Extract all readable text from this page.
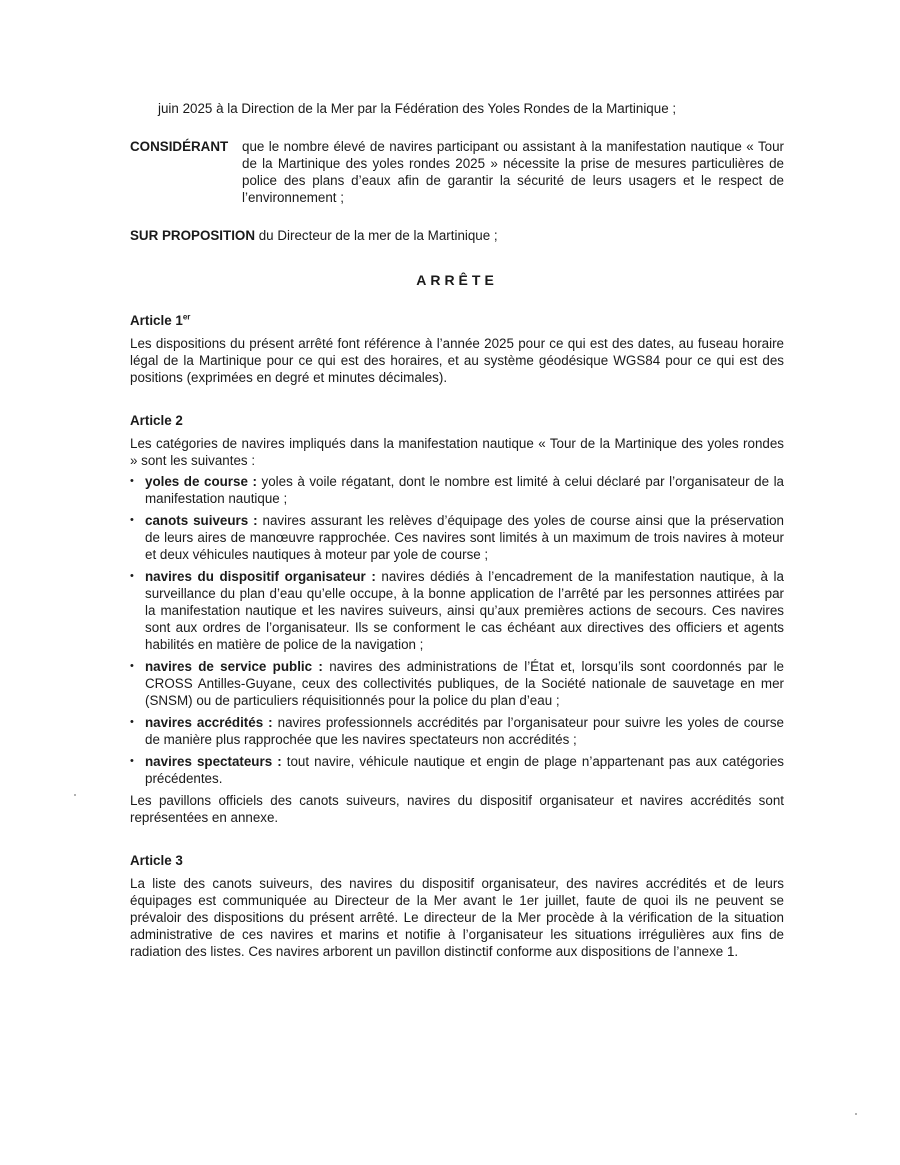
juin 2025 à la Direction de la Mer par la Fédération des Yoles Rondes de la Martinique ;

CONSIDÉRANT	que le nombre élevé de navires participant ou assistant à la manifestation nautique « Tour de la Martinique des yoles rondes 2025 » nécessite la prise de mesures particulières de police des plans d’eaux afin de garantir la sécurité de leurs usagers et le respect de l’environnement ;

SUR PROPOSITION du Directeur de la mer de la Martinique ;

ARRÊTE
Article 1er

Les dispositions du présent arrêté font référence à l’année 2025 pour ce qui est des dates, au fuseau horaire légal de la Martinique pour ce qui est des horaires, et au système géodésique WGS84 pour ce qui est des positions (exprimées en degré et minutes décimales).

Article 2

Les catégories de navires impliqués dans la manifestation nautique « Tour de la Martinique des yoles rondes » sont les suivantes :

• yoles de course : yoles à voile régatant, dont le nombre est limité à celui déclaré par l’organisateur de la manifestation nautique ;
• canots suiveurs : navires assurant les relèves d’équipage des yoles de course ainsi que la préservation de leurs aires de manœuvre rapprochée. Ces navires sont limités à un maximum de trois navires à moteur et deux véhicules nautiques à moteur par yole de course ;
• navires du dispositif organisateur : navires dédiés à l’encadrement de la manifestation nautique, à la surveillance du plan d’eau qu’elle occupe, à la bonne application de l’arrêté par les personnes attirées par la manifestation nautique et les navires suiveurs, ainsi qu’aux premières actions de secours. Ces navires sont aux ordres de l’organisateur. Ils se conforment le cas échéant aux directives des officiers et agents habilités en matière de police de la navigation ;
• navires de service public : navires des administrations de l’État et, lorsqu’ils sont coordonnés par le CROSS Antilles-Guyane, ceux des collectivités publiques, de la Société nationale de sauvetage en mer (SNSM) ou de particuliers réquisitionnés pour la police du plan d’eau ;
• navires accrédités : navires professionnels accrédités par l’organisateur pour suivre les yoles de course de manière plus rapprochée que les navires spectateurs non accrédités ;
• navires spectateurs : tout navire, véhicule nautique et engin de plage n’appartenant pas aux catégories précédentes.

Les pavillons officiels des canots suiveurs, navires du dispositif organisateur et navires accrédités sont représentées en annexe.

Article 3

La liste des canots suiveurs, des navires du dispositif organisateur, des navires accrédités et de leurs équipages est communiquée au Directeur de la Mer avant le 1er juillet, faute de quoi ils ne peuvent se prévaloir des dispositions du présent arrêté. Le directeur de la Mer procède à la vérification de la situation administrative de ces navires et marins et notifie à l’organisateur les situations irrégulières aux fins de radiation des listes. Ces navires arborent un pavillon distinctif conforme aux dispositions de l’annexe 1.
